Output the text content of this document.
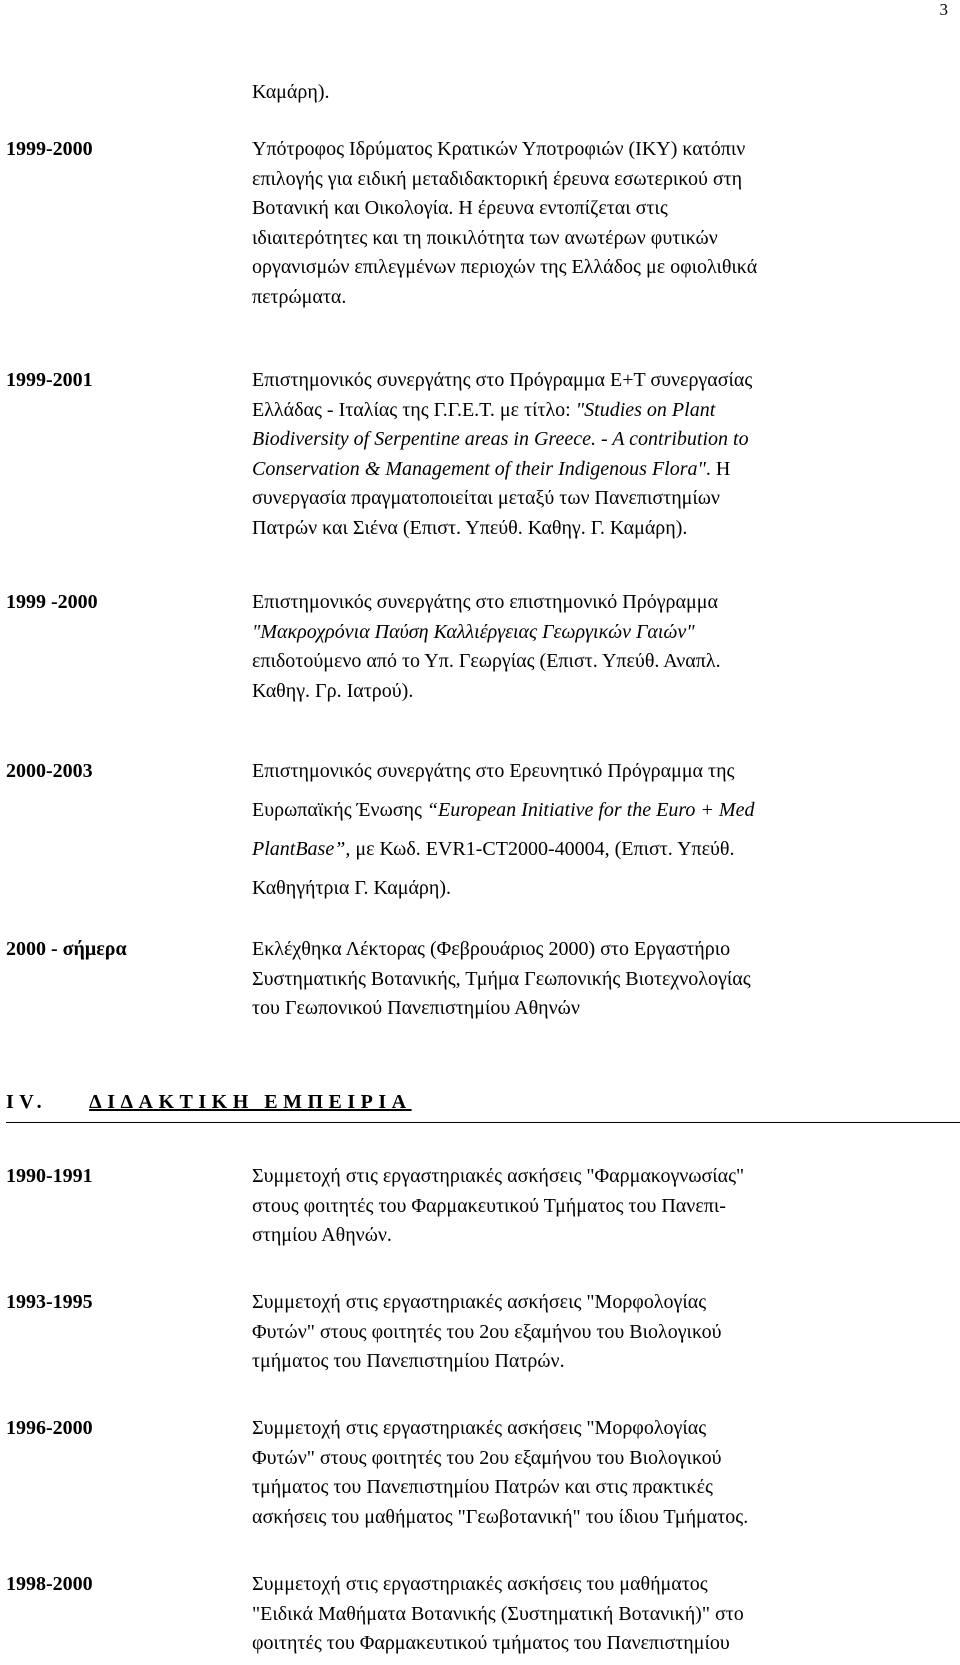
3

Καμάρη).

1999-2000	Υπότροφος Ιδρύματος Κρατικών Υποτροφιών (ΙΚΥ) κατόπιν

επιλογής για ειδική μεταδιδακτορική έρευνα εσωτερικού στη

Βοτανική και Οικολογία. Η έρευνα εντοπίζεται στις

ιδιαιτερότητες και τη ποικιλότητα των ανωτέρων φυτικών

οργανισμών επιλεγμένων περιοχών της Ελλάδος με οφιολιθικά

πετρώματα.

1999-2001	Επιστημονικός συνεργάτης στο Πρόγραμμα Ε+Τ συνεργασίας

Ελλάδας - Ιταλίας της Γ.Γ.Ε.Τ. με τίτλο: "Studies on Plant

Biodiversity of Serpentine areas in Greece. - A contribution to

Conservation & Management of their Indigenous Flora". Η

συνεργασία πραγματοποιείται μεταξύ των Πανεπιστημίων

Πατρών και Σιένα (Επιστ. Υπεύθ. Καθηγ. Γ. Καμάρη).

1999 -2000	Επιστημονικός συνεργάτης στο επιστημονικό Πρόγραμμα

"Μακροχρόνια Παύση Καλλιέργειας Γεωργικών Γαιών"

επιδοτούμενο από το Υπ. Γεωργίας (Επιστ. Υπεύθ. Αναπλ.

Καθηγ. Γρ. Ιατρού).

2000-2003	Επιστημονικός συνεργάτης στο Ερευνητικό Πρόγραμμα της

Ευρωπαϊκής Ένωσης “European Initiative for the Euro + Med

PlantBase”, με Κωδ. EVR1-CT2000-40004, (Επιστ. Υπεύθ.

Καθηγήτρια Γ. Καμάρη).

2000 - σήμερα	Εκλέχθηκα Λέκτορας (Φεβρουάριος 2000) στο Εργαστήριο

Συστηματικής Βοτανικής, Τμήμα Γεωπονικής Βιοτεχνολογίας

του Γεωπονικού Πανεπιστημίου Αθηνών

IV. ΔΙΔΑΚΤΙΚΗ ΕΜΠΕΙΡΙΑ
1990-1991	Συμμετοχή στις εργαστηριακές ασκήσεις "Φαρμακογνωσίας"

στους φοιτητές του Φαρμακευτικού Τμήματος του Πανεπι-

στημίου Αθηνών.

1993-1995	Συμμετοχή στις εργαστηριακές ασκήσεις "Μορφολογίας

Φυτών" στους φοιτητές του 2ου εξαμήνου του Βιολογικού

τμήματος του Πανεπιστημίου Πατρών.

1996-2000	Συμμετοχή στις εργαστηριακές ασκήσεις "Μορφολογίας

Φυτών" στους φοιτητές του 2ου εξαμήνου του Βιολογικού

τμήματος του Πανεπιστημίου Πατρών και στις πρακτικές

ασκήσεις του μαθήματος "Γεωβοτανική" του ίδιου Τμήματος.

1998-2000	Συμμετοχή στις εργαστηριακές ασκήσεις του μαθήματος

"Ειδικά Μαθήματα Βοτανικής (Συστηματική Βοτανική)" στο

φοιτητές του Φαρμακευτικού τμήματος του Πανεπιστημίου
